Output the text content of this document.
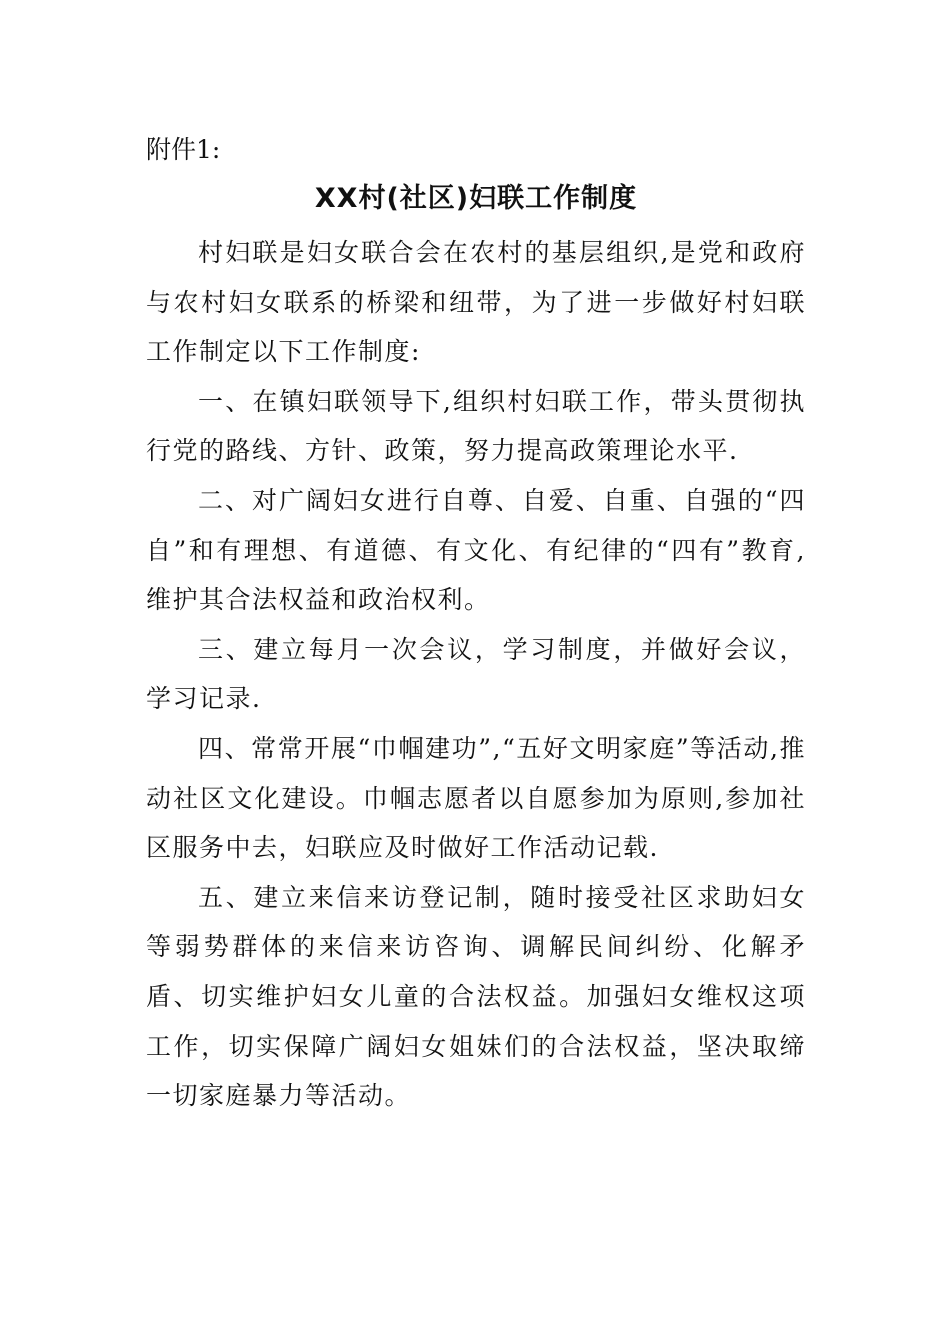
附件1:

XX村(社区)妇联工作制度

村妇联是妇女联合会在农村的基层组织,是党和政府与农村妇女联系的桥梁和纽带，为了进一步做好村妇联工作制定以下工作制度:

一、在镇妇联领导下,组织村妇联工作，带头贯彻执行党的路线、方针、政策，努力提高政策理论水平.

二、对广阔妇女进行自尊、自爱、自重、自强的“四自”和有理想、有道德、有文化、有纪律的“四有”教育,维护其合法权益和政治权利。

三、建立每月一次会议，学习制度，并做好会议，学习记录.

四、常常开展“巾帼建功”,“五好文明家庭”等活动,推动社区文化建设。巾帼志愿者以自愿参加为原则,参加社区服务中去，妇联应及时做好工作活动记载.

五、建立来信来访登记制，随时接受社区求助妇女等弱势群体的来信来访咨询、调解民间纠纷、化解矛盾、切实维护妇女儿童的合法权益。加强妇女维权这项工作，切实保障广阔妇女姐妹们的合法权益，坚决取缔一切家庭暴力等活动。
